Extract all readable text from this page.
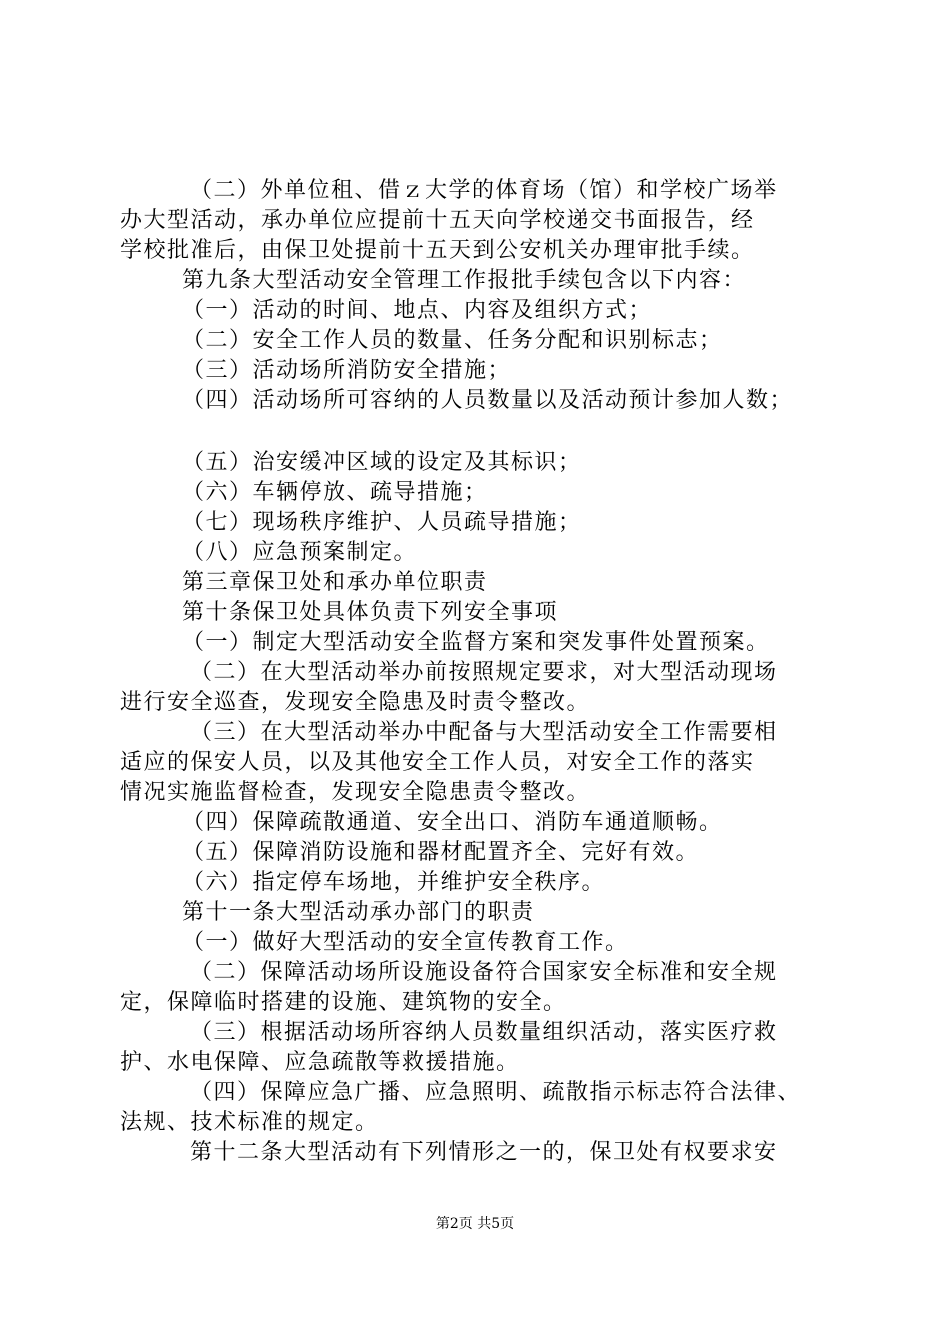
（二）外单位租、借ｚ大学的体育场（馆）和学校广场举
办大型活动，承办单位应提前十五天向学校递交书面报告，经
学校批准后，由保卫处提前十五天到公安机关办理审批手续。
第九条大型活动安全管理工作报批手续包含以下内容：
（一）活动的时间、地点、内容及组织方式；
（二）安全工作人员的数量、任务分配和识别标志；
（三）活动场所消防安全措施；
（四）活动场所可容纳的人员数量以及活动预计参加人数；
（五）治安缓冲区域的设定及其标识；
（六）车辆停放、疏导措施；
（七）现场秩序维护、人员疏导措施；
（八）应急预案制定。
第三章保卫处和承办单位职责
第十条保卫处具体负责下列安全事项
（一）制定大型活动安全监督方案和突发事件处置预案。
（二）在大型活动举办前按照规定要求，对大型活动现场
进行安全巡查，发现安全隐患及时责令整改。
（三）在大型活动举办中配备与大型活动安全工作需要相
适应的保安人员，以及其他安全工作人员，对安全工作的落实
情况实施监督检查，发现安全隐患责令整改。
（四）保障疏散通道、安全出口、消防车通道顺畅。
（五）保障消防设施和器材配置齐全、完好有效。
（六）指定停车场地，并维护安全秩序。
第十一条大型活动承办部门的职责
（一）做好大型活动的安全宣传教育工作。
（二）保障活动场所设施设备符合国家安全标准和安全规
定，保障临时搭建的设施、建筑物的安全。
（三）根据活动场所容纳人员数量组织活动，落实医疗救
护、水电保障、应急疏散等救援措施。
（四）保障应急广播、应急照明、疏散指示标志符合法律、
法规、技术标准的规定。
第十二条大型活动有下列情形之一的，保卫处有权要求安
第2页 共5页
